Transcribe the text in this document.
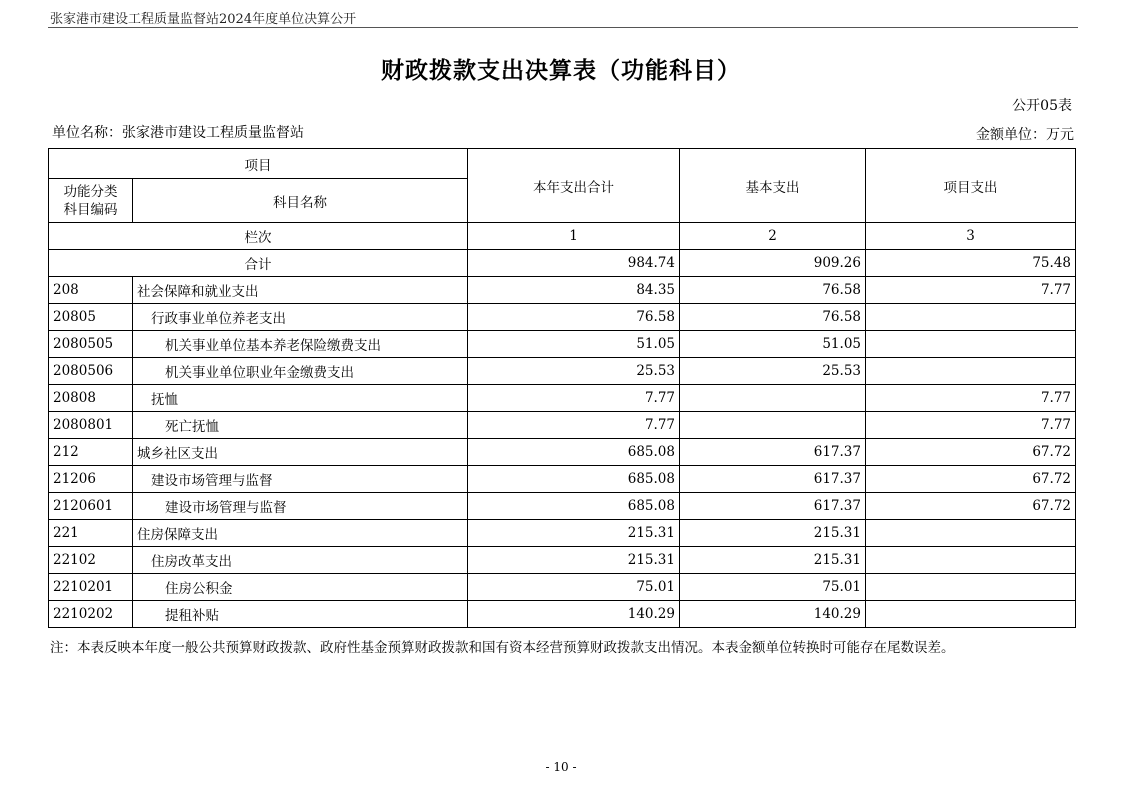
张家港市建设工程质量监督站2024年度单位决算公开
财政拨款支出决算表（功能科目）
公开05表
单位名称：张家港市建设工程质量监督站	金额单位：万元
项目		本年支出合计	基本支出	项目支出
功能分类
科目编码	科目名称			
栏次		1	2	3
合计		984.74	909.26	75.48
208	社会保障和就业支出	84.35	76.58	7.77
20805	行政事业单位养老支出	76.58	76.58	
2080505	机关事业单位基本养老保险缴费支出	51.05	51.05	
2080506	机关事业单位职业年金缴费支出	25.53	25.53	
20808	抚恤	7.77		7.77
2080801	死亡抚恤	7.77		7.77
212	城乡社区支出	685.08	617.37	67.72
21206	建设市场管理与监督	685.08	617.37	67.72
2120601	建设市场管理与监督	685.08	617.37	67.72
221	住房保障支出	215.31	215.31	
22102	住房改革支出	215.31	215.31	
2210201	住房公积金	75.01	75.01	
2210202	提租补贴	140.29	140.29	
注：本表反映本年度一般公共预算财政拨款、政府性基金预算财政拨款和国有资本经营预算财政拨款支出情况。本表金额单位转换时可能存在尾数误差。
- 10 -
